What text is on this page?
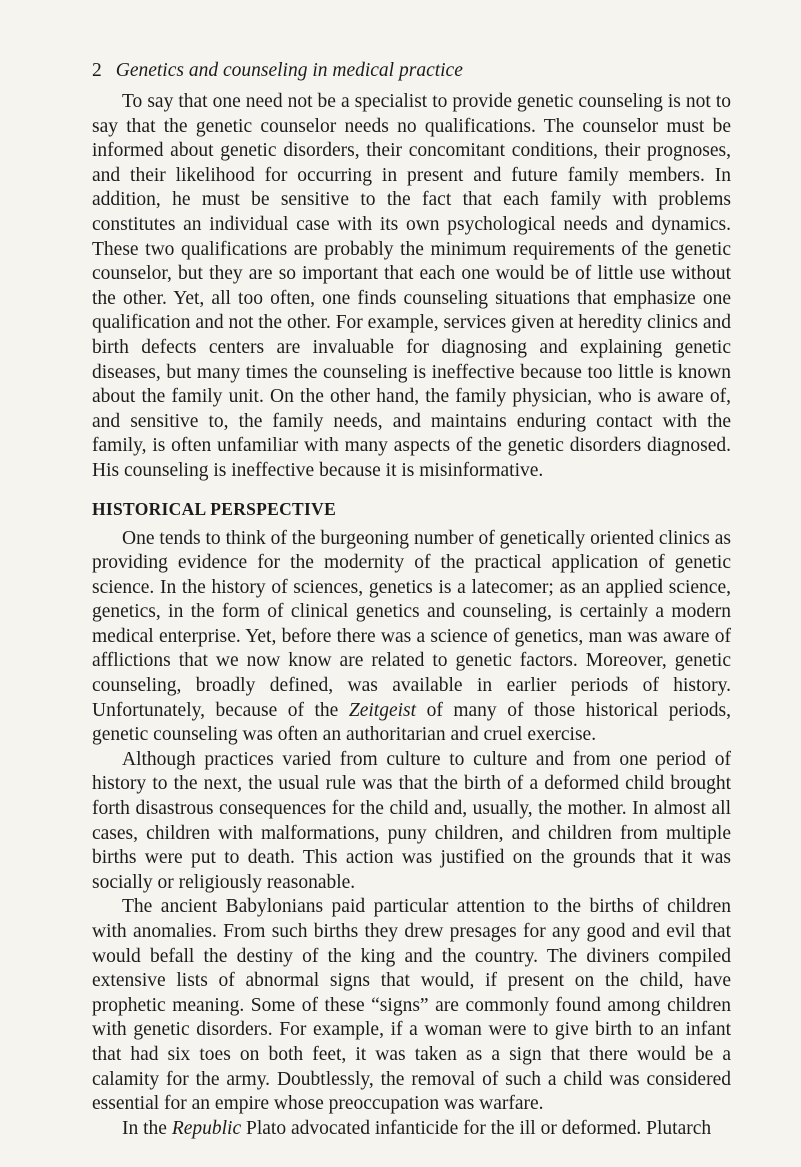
2 Genetics and counseling in medical practice

To say that one need not be a specialist to provide genetic counseling is not to say that the genetic counselor needs no qualifications. The counselor must be informed about genetic disorders, their concomitant conditions, their prognoses, and their likelihood for occurring in present and future family members. In addition, he must be sensitive to the fact that each family with problems constitutes an individual case with its own psychological needs and dynamics. These two qualifications are probably the minimum requirements of the genetic counselor, but they are so important that each one would be of little use without the other. Yet, all too often, one finds counseling situations that emphasize one qualification and not the other. For example, services given at heredity clinics and birth defects centers are invaluable for diagnosing and explaining genetic diseases, but many times the counseling is ineffective because too little is known about the family unit. On the other hand, the family physician, who is aware of, and sensitive to, the family needs, and maintains enduring contact with the family, is often unfamiliar with many aspects of the genetic disorders diagnosed. His counseling is ineffective because it is misinformative.

HISTORICAL PERSPECTIVE

One tends to think of the burgeoning number of genetically oriented clinics as providing evidence for the modernity of the practical application of genetic science. In the history of sciences, genetics is a latecomer; as an applied science, genetics, in the form of clinical genetics and counseling, is certainly a modern medical enterprise. Yet, before there was a science of genetics, man was aware of afflictions that we now know are related to genetic factors. Moreover, genetic counseling, broadly defined, was available in earlier periods of history. Unfortunately, because of the Zeitgeist of many of those historical periods, genetic counseling was often an authoritarian and cruel exercise.

Although practices varied from culture to culture and from one period of history to the next, the usual rule was that the birth of a deformed child brought forth disastrous consequences for the child and, usually, the mother. In almost all cases, children with malformations, puny children, and children from multiple births were put to death. This action was justified on the grounds that it was socially or religiously reasonable.

The ancient Babylonians paid particular attention to the births of children with anomalies. From such births they drew presages for any good and evil that would befall the destiny of the king and the country. The diviners compiled extensive lists of abnormal signs that would, if present on the child, have prophetic meaning. Some of these “signs” are commonly found among children with genetic disorders. For example, if a woman were to give birth to an infant that had six toes on both feet, it was taken as a sign that there would be a calamity for the army. Doubtlessly, the removal of such a child was considered essential for an empire whose preoccupation was warfare.

In the Republic Plato advocated infanticide for the ill or deformed. Plutarch
